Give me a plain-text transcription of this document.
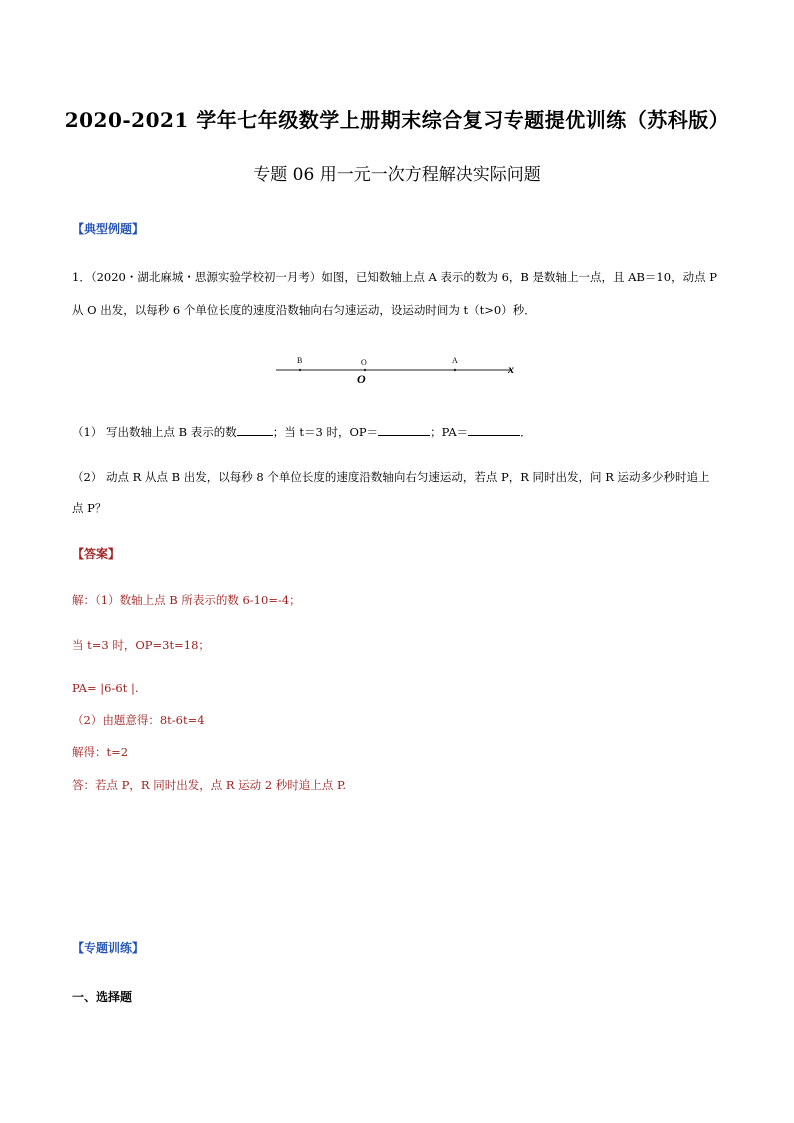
2020-2021 学年七年级数学上册期末综合复习专题提优训练（苏科版）
专题 06 用一元一次方程解决实际问题
【典型例题】
1．（2020・湖北麻城・思源实验学校初一月考）如图，已知数轴上点 A 表示的数为 6，B 是数轴上一点，且 AB＝10，动点 P
从 O 出发，以每秒 6 个单位长度的速度沿数轴向右匀速运动，设运动时间为 t（t>0）秒．
B	O	A
O
x
（1） 写出数轴上点 B 表示的数	；当 t＝3 时，OP＝	；PA＝	．
（2） 动点 R 从点 B 出发，以每秒 8 个单位长度的速度沿数轴向右匀速运动，若点 P，R 同时出发，问 R 运动多少秒时追上
点 P？
【答案】
解：（1）数轴上点 B 所表示的数 6-10=-4；
当 t=3 时，OP=3t=18；
PA= |6-6t |.
（2）由题意得：8t-6t=4
解得：t=2
答：若点 P，R 同时出发，点 R 运动 2 秒时追上点 P.
【专题训练】
一、选择题
